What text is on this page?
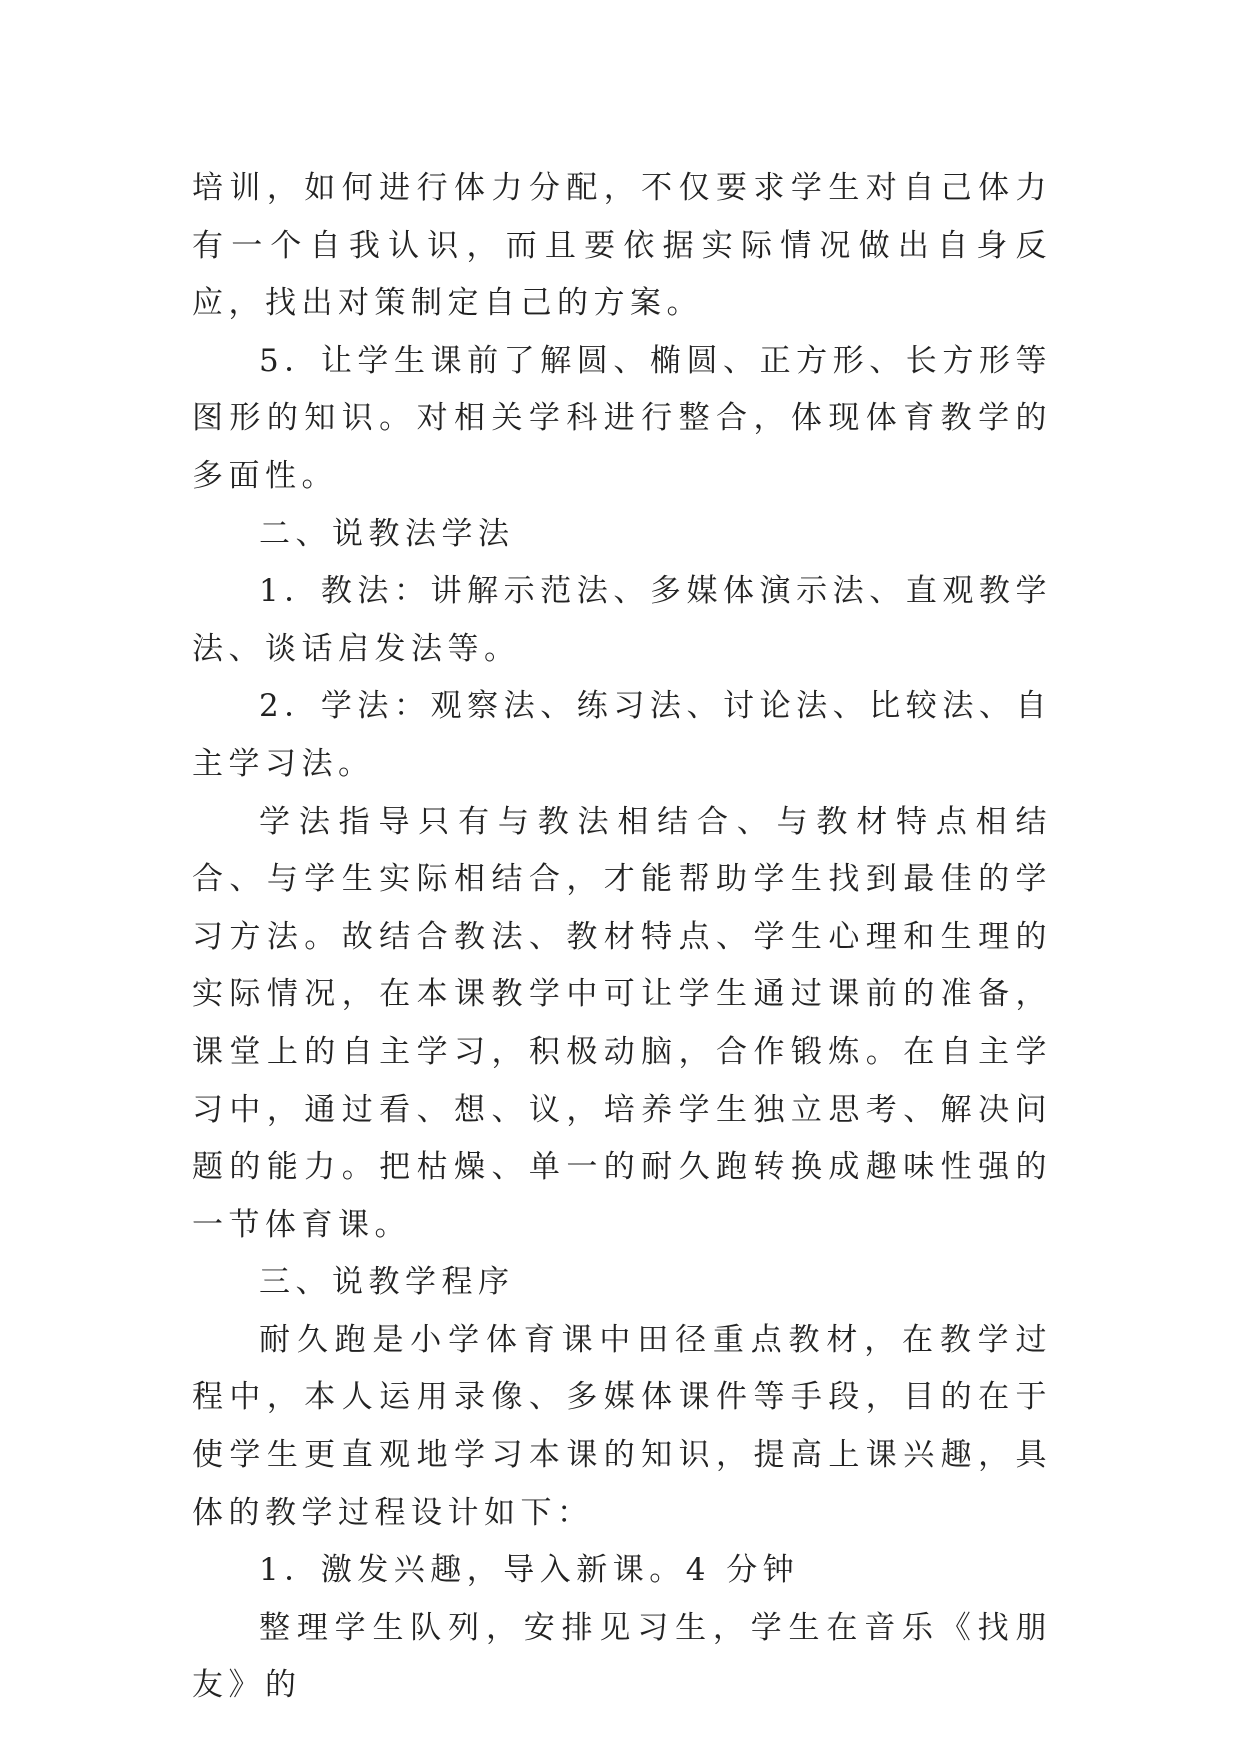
培训，如何进行体力分配，不仅要求学生对自己体力有一个自我认识，而且要依据实际情况做出自身反应，找出对策制定自己的方案。

5．让学生课前了解圆、椭圆、正方形、长方形等图形的知识。对相关学科进行整合，体现体育教学的多面性。

二、说教法学法

1．教法：讲解示范法、多媒体演示法、直观教学法、谈话启发法等。

2．学法：观察法、练习法、讨论法、比较法、自主学习法。

学法指导只有与教法相结合、与教材特点相结合、与学生实际相结合，才能帮助学生找到最佳的学习方法。故结合教法、教材特点、学生心理和生理的实际情况，在本课教学中可让学生通过课前的准备，课堂上的自主学习，积极动脑，合作锻炼。在自主学习中，通过看、想、议，培养学生独立思考、解决问题的能力。把枯燥、单一的耐久跑转换成趣味性强的一节体育课。

三、说教学程序

耐久跑是小学体育课中田径重点教材，在教学过程中，本人运用录像、多媒体课件等手段，目的在于使学生更直观地学习本课的知识，提高上课兴趣，具体的教学过程设计如下：

1．激发兴趣，导入新课。4 分钟

整理学生队列，安排见习生，学生在音乐《找朋友》的
